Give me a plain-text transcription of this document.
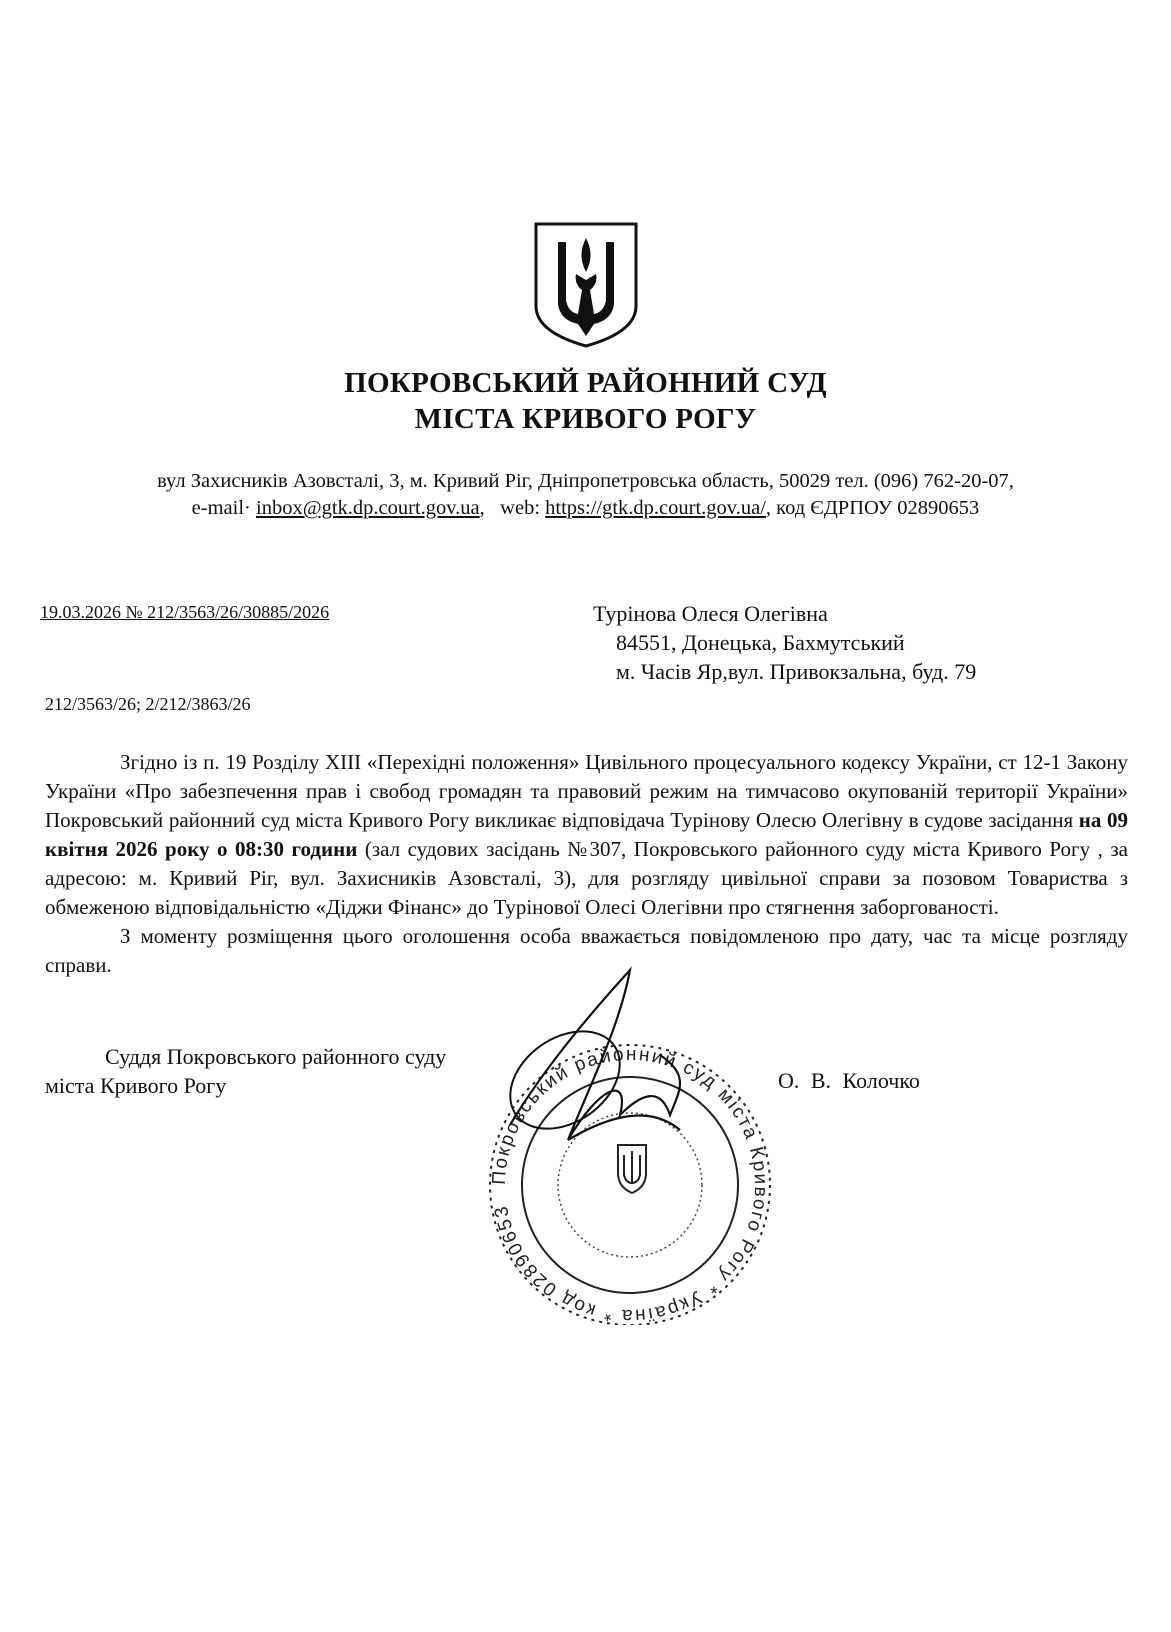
ПОКРОВСЬКИЙ РАЙОННИЙ СУД
МІСТА КРИВОГО РОГУ
вул Захисників Азовсталі, 3, м. Кривий Ріг, Дніпропетровська область, 50029 тел. (096) 762-20-07,
e-mail· inbox@gtk.dp.court.gov.ua,   web: https://gtk.dp.court.gov.ua/, код ЄДРПОУ 02890653
19.03.2026 № 212/3563/26/30885/2026
212/3563/26; 2/212/3863/26
Турінова Олеся Олегівна
84551, Донецька, Бахмутський
м. Часів Яр,вул. Привокзальна, буд. 79

Згідно із п. 19 Розділу ХІІІ «Перехідні положення» Цивільного процесуального кодексу України, ст 12-1 Закону України «Про забезпечення прав і свобод громадян та правовий режим на тимчасово окупованій території України» Покровський районний суд міста Кривого Рогу викликає відповідача Турінову Олесю Олегівну в судове засідання на 09 квітня 2026 року о 08:30 години (зал судових засідань №307, Покровського районного суду міста Кривого Рогу , за адресою: м. Кривий Ріг, вул. Захисників Азовсталі, 3), для розгляду цивільної справи за позовом Товариства з обмеженою відповідальністю «Діджи Фінанс» до Турінової Олесі Олегівни про стягнення заборгованості.

З моменту розміщення цього оголошення особа вважається повідомленою про дату, час та місце розгляду справи.

Суддя Покровського районного суду
міста Кривого Рогу	О. В. Колочко
Покровський районний суд міста Кривого Рогу * Україна * код 02890653
